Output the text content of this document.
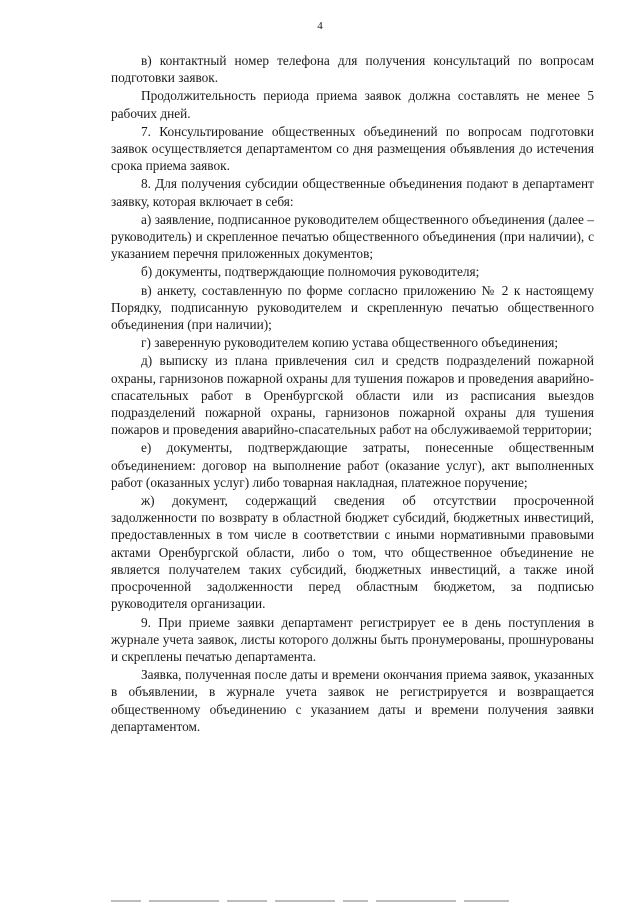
4

в) контактный номер телефона для получения консультаций по вопросам подготовки заявок.

Продолжительность периода приема заявок должна составлять не менее 5 рабочих дней.

7. Консультирование общественных объединений по вопросам подготовки заявок осуществляется департаментом со дня размещения объявления до истечения срока приема заявок.

8. Для получения субсидии общественные объединения подают в департамент заявку, которая включает в себя:

а) заявление, подписанное руководителем общественного объединения (далее – руководитель) и скрепленное печатью общественного объединения (при наличии), с указанием перечня приложенных документов;

б) документы, подтверждающие полномочия руководителя;

в) анкету, составленную по форме согласно приложению № 2 к настоящему Порядку, подписанную руководителем и скрепленную печатью общественного объединения (при наличии);

г) заверенную руководителем копию устава общественного объединения;

д) выписку из плана привлечения сил и средств подразделений пожарной охраны, гарнизонов пожарной охраны для тушения пожаров и проведения аварийно-спасательных работ в Оренбургской области или из расписания выездов подразделений пожарной охраны, гарнизонов пожарной охраны для тушения пожаров и проведения аварийно-спасательных работ на обслуживаемой территории;

е) документы, подтверждающие затраты, понесенные общественным объединением: договор на выполнение работ (оказание услуг), акт выполненных работ (оказанных услуг) либо товарная накладная, платежное поручение;

ж) документ, содержащий сведения об отсутствии просроченной задолженности по возврату в областной бюджет субсидий, бюджетных инвестиций, предоставленных в том числе в соответствии с иными нормативными правовыми актами Оренбургской области, либо о том, что общественное объединение не является получателем таких субсидий, бюджетных инвестиций, а также иной просроченной задолженности перед областным бюджетом, за подписью руководителя организации.

9. При приеме заявки департамент регистрирует ее в день поступления в журнале учета заявок, листы которого должны быть пронумерованы, прошнурованы и скреплены печатью департамента.

Заявка, полученная после даты и времени окончания приема заявок, указанных в объявлении, в журнале учета заявок не регистрируется и возвращается общественному объединению с указанием даты и времени получения заявки департаментом.
